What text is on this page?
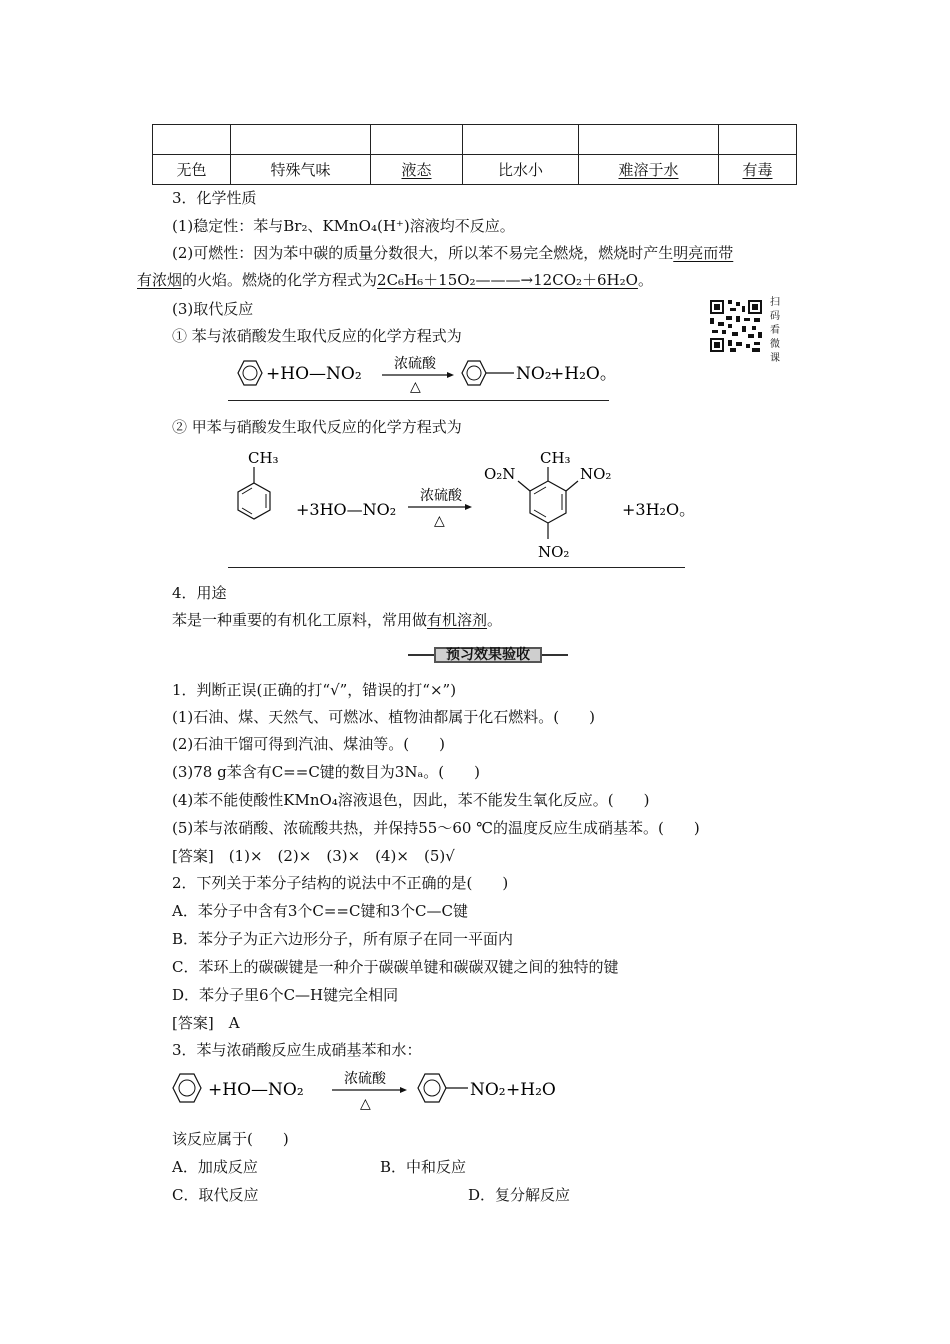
无色	特殊气味	液态	比水小	难溶于水	有毒
3．化学性质
(1)稳定性：苯与Br₂、KMnO₄(H⁺)溶液均不反应。
(2)可燃性：因为苯中碳的质量分数很大，所以苯不易完全燃烧，燃烧时产生明亮而带
有浓烟的火焰。燃烧的化学方程式为2C₆H₆＋15O₂———→12CO₂＋6H₂O。
(3)取代反应
① 苯与浓硝酸发生取代反应的化学方程式为
扫码看微课
+HO—NO₂ 浓硫酸
△
NO₂
+H₂O。
② 甲苯与硝酸发生取代反应的化学方程式为
CH₃
+3HO—NO₂
浓硫酸
△
O₂N
CH₃
NO₂
NO₂
+3H₂O。
4．用途
苯是一种重要的有机化工原料，常用做有机溶剂。
预习效果验收
1．判断正误(正确的打“√”，错误的打“×”)
(1)石油、煤、天然气、可燃冰、植物油都属于化石燃料。(　　)
(2)石油干馏可得到汽油、煤油等。(　　)
(3)78 g苯含有C==C键的数目为3Nₐ。(　　)
(4)苯不能使酸性KMnO₄溶液退色，因此，苯不能发生氧化反应。(　　)
(5)苯与浓硝酸、浓硫酸共热，并保持55～60 ℃的温度反应生成硝基苯。(　　)
[答案]　(1)×　(2)×　(3)×　(4)×　(5)√
2．下列关于苯分子结构的说法中不正确的是(　　)
A．苯分子中含有3个C==C键和3个C—C键
B．苯分子为正六边形分子，所有原子在同一平面内
C．苯环上的碳碳键是一种介于碳碳单键和碳碳双键之间的独特的键
D．苯分子里6个C—H键完全相同
[答案]　A
3．苯与浓硝酸反应生成硝基苯和水：
+HO—NO₂
浓硫酸
△
NO₂ +H₂O
该反应属于(　　)
A．加成反应	B．中和反应
C．取代反应	D．复分解反应
